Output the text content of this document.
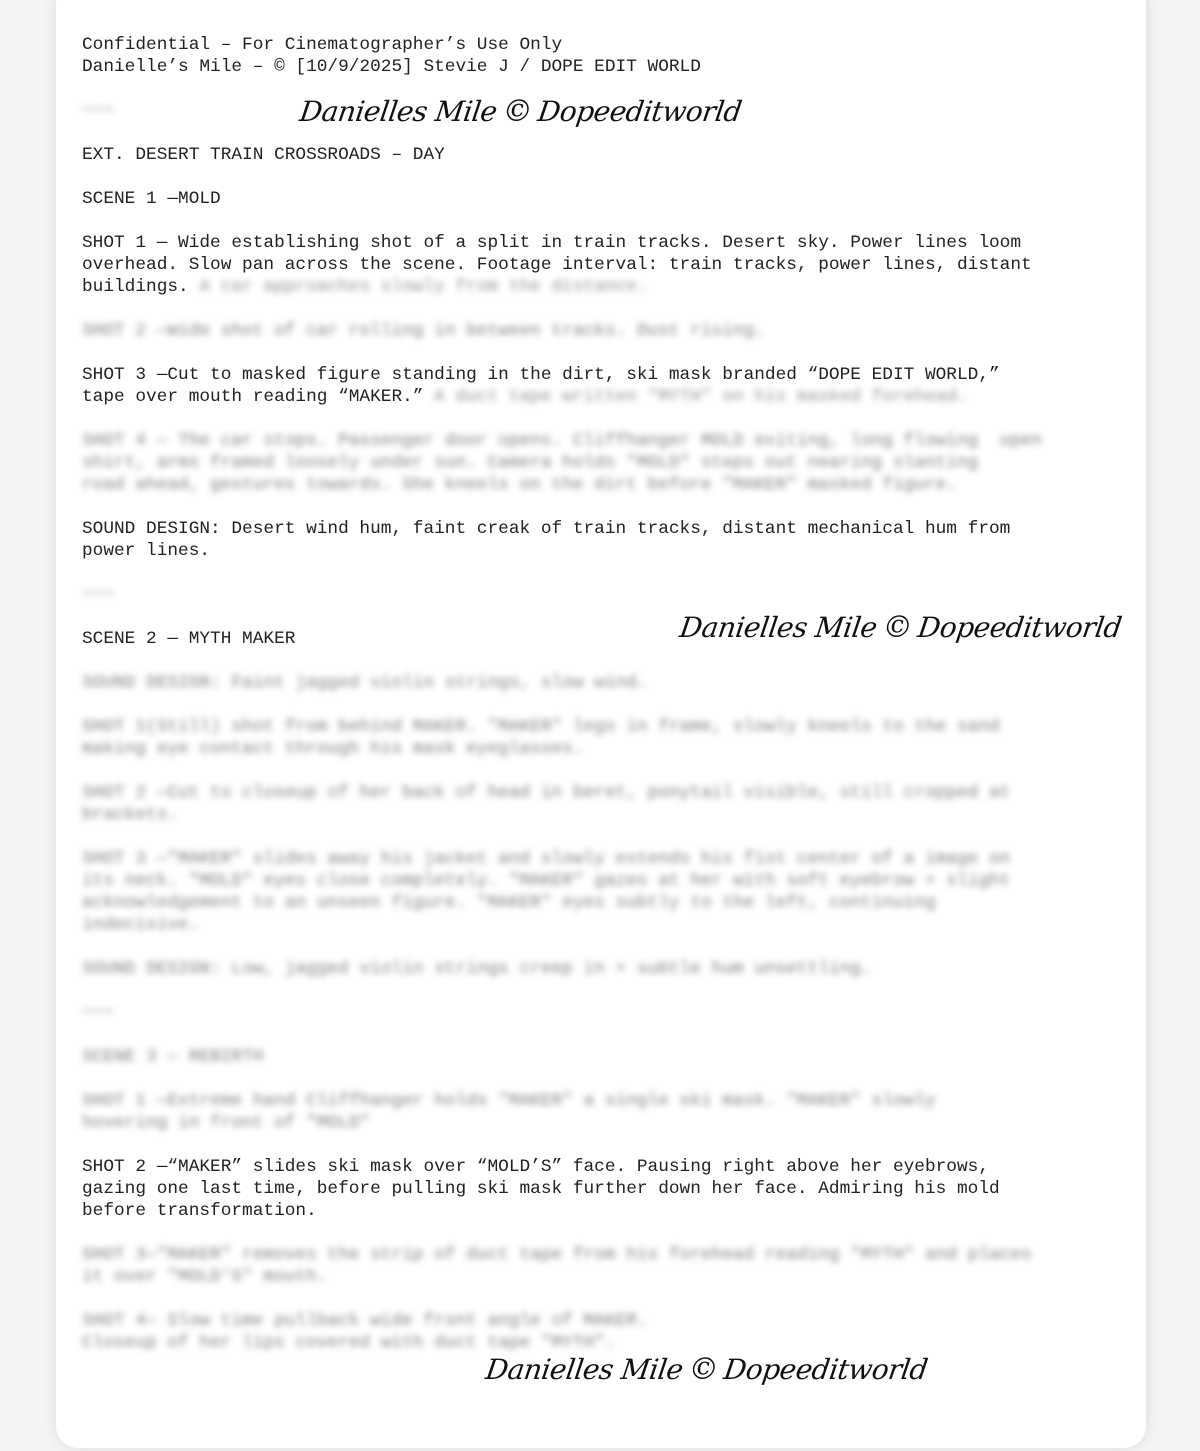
Confidential – For Cinematographer’s Use Only
Danielle’s Mile – © [10/9/2025] Stevie J / DOPE EDIT WORLD
~~~
EXT. DESERT TRAIN CROSSROADS – DAY
SCENE 1 —MOLD
SHOT 1 — Wide establishing shot of a split in train tracks. Desert sky. Power lines loom
overhead. Slow pan across the scene. Footage interval: train tracks, power lines, distant
buildings. A car approaches slowly from the distance.
SHOT 2 —Wide shot of car rolling in between tracks. Dust rising.
SHOT 3 —Cut to masked figure standing in the dirt, ski mask branded “DOPE EDIT WORLD,”
tape over mouth reading “MAKER.” A duct tape written "MYTH" on his masked forehead.
SHOT 4 — The car stops. Passenger door opens. Cliffhanger MOLD exiting, long flowing  open
shirt, arms framed loosely under sun. Camera holds "MOLD" steps out nearing slanting
road ahead, gestures towards. She kneels on the dirt before "MAKER" masked figure.
SOUND DESIGN: Desert wind hum, faint creak of train tracks, distant mechanical hum from
power lines.
~~~
SCENE 2 — MYTH MAKER
SOUND DESIGN: Faint jagged violin strings, slow wind.
SHOT 1(Still) shot from behind MAKER. "MAKER" legs in frame, slowly kneels to the sand
making eye contact through his mask eyeglasses.
SHOT 2 —Cut to closeup of her back of head in beret, ponytail visible, still cropped at
brackets.
SHOT 3 —"MAKER" slides away his jacket and slowly extends his fist center of a image on
its neck. "MOLD" eyes close completely. "MAKER" gazes at her with soft eyebrow + slight
acknowledgement to an unseen figure. "MAKER" eyes subtly to the left, continuing
indecisive.
SOUND DESIGN: Low, jagged violin strings creep in + subtle hum unsettling.
~~~
SCENE 3 — REBIRTH
SHOT 1 —Extreme hand Cliffhanger holds "MAKER" a single ski mask. "MAKER" slowly
hovering in front of "MOLD"
SHOT 2 —“MAKER” slides ski mask over “MOLD’S” face. Pausing right above her eyebrows,
gazing one last time, before pulling ski mask further down her face. Admiring his mold
before transformation.
SHOT 3—"MAKER" removes the strip of duct tape from his forehead reading "MYTH" and places
it over "MOLD'S" mouth.
SHOT 4— Slow time pullback wide front angle of MAKER.
Closeup of her lips covered with duct tape "MYTH".
Danielles Mile©Dopeeditworld
Danielles Mile©Dopeeditworld
Danielles Mile©Dopeeditworld
